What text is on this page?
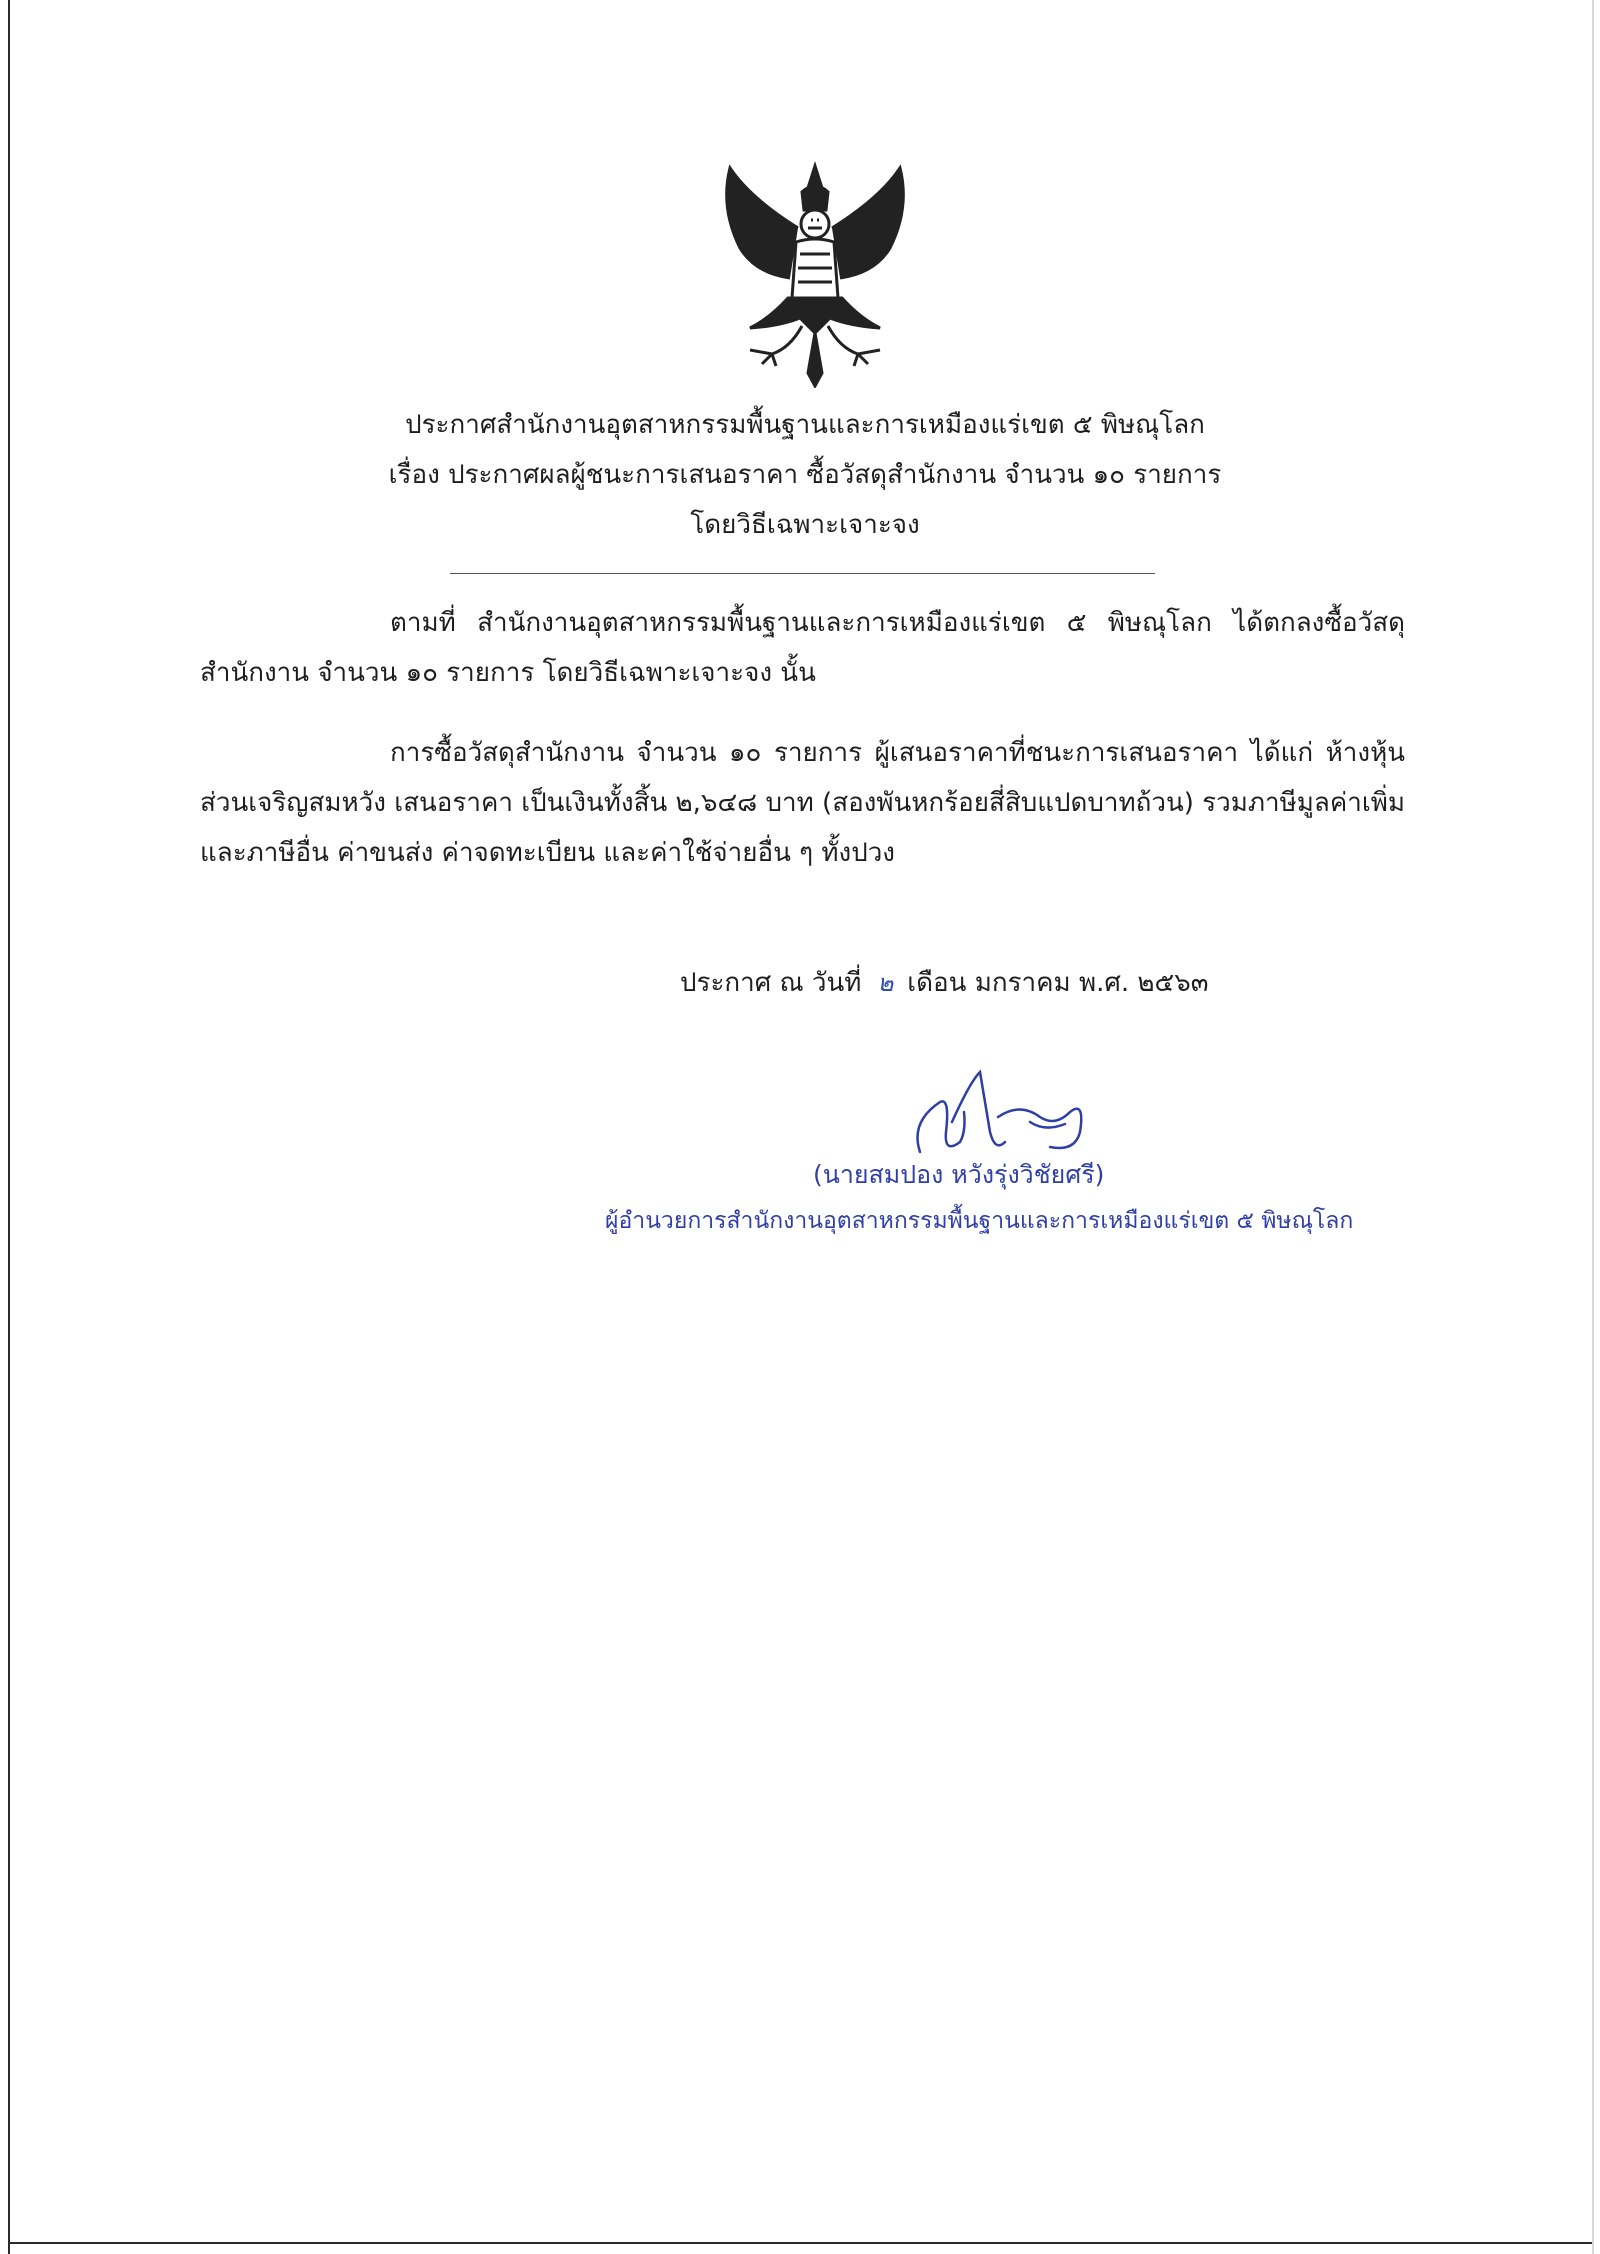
ประกาศสำนักงานอุตสาหกรรมพื้นฐานและการเหมืองแร่เขต ๕ พิษณุโลก
เรื่อง ประกาศผลผู้ชนะการเสนอราคา ซื้อวัสดุสำนักงาน จำนวน ๑๐ รายการ
โดยวิธีเฉพาะเจาะจง
ตามที่ สำนักงานอุตสาหกรรมพื้นฐานและการเหมืองแร่เขต ๕ พิษณุโลก ได้ตกลงซื้อวัสดุสำนักงาน จำนวน ๑๐ รายการ โดยวิธีเฉพาะเจาะจง นั้น
การซื้อวัสดุสำนักงาน จำนวน ๑๐ รายการ ผู้เสนอราคาที่ชนะการเสนอราคา ได้แก่ ห้างหุ้นส่วนเจริญสมหวัง เสนอราคา เป็นเงินทั้งสิ้น ๒,๖๔๘ บาท (สองพันหกร้อยสี่สิบแปดบาทถ้วน) รวมภาษีมูลค่าเพิ่มและภาษีอื่น ค่าขนส่ง ค่าจดทะเบียน และค่าใช้จ่ายอื่น ๆ ทั้งปวง
ประกาศ ณ วันที่ ๒ เดือน มกราคม พ.ศ. ๒๕๖๓
(นายสมปอง หวังรุ่งวิชัยศรี)
ผู้อำนวยการสำนักงานอุตสาหกรรมพื้นฐานและการเหมืองแร่เขต ๕ พิษณุโลก
